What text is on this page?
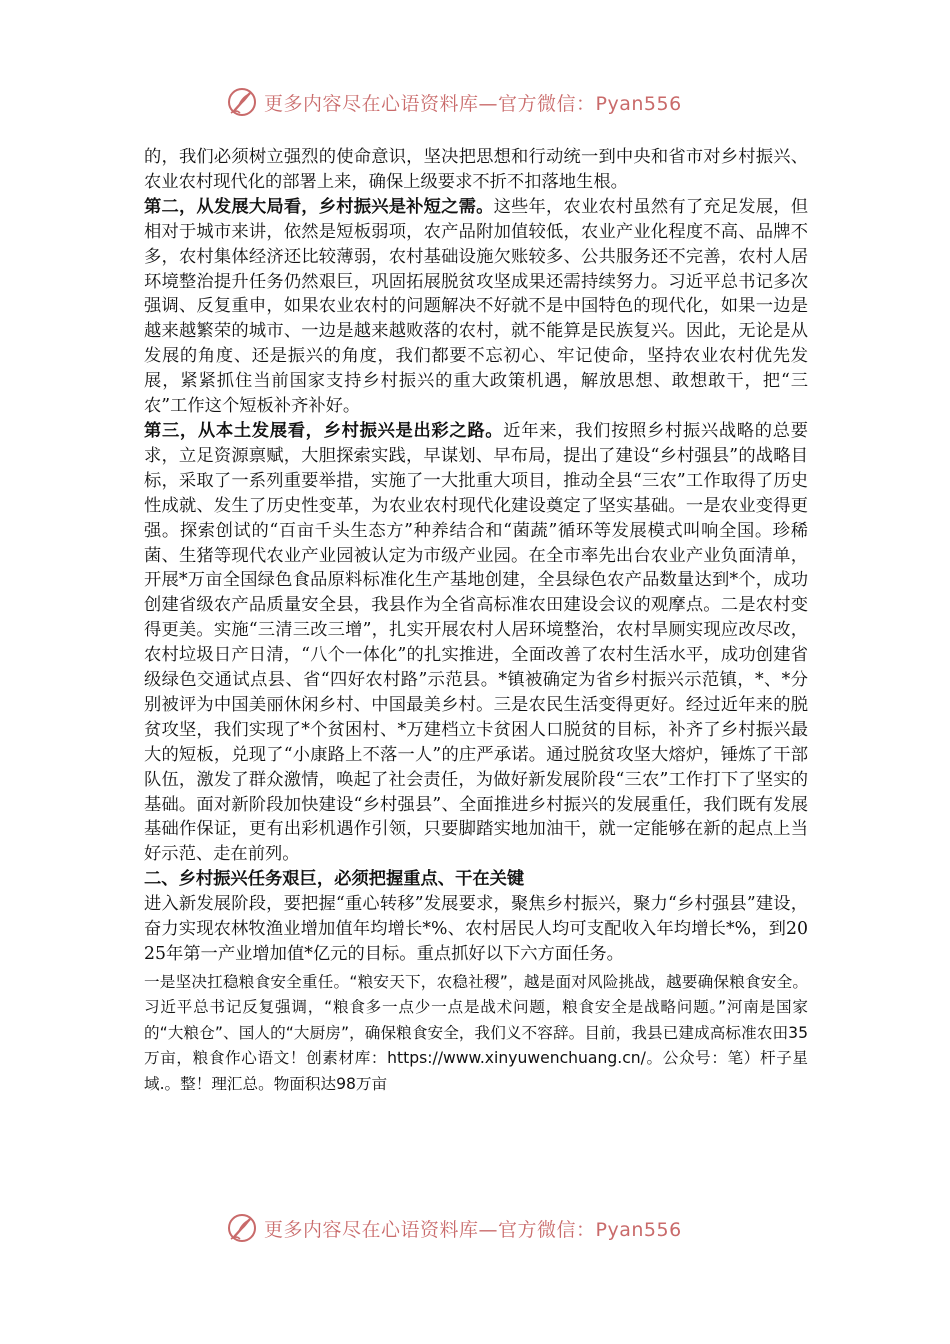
更多内容尽在心语资料库—官方微信：Pyan556

的，我们必须树立强烈的使命意识，坚决把思想和行动统一到中央和省市对乡村振兴、农业农村现代化的部署上来，确保上级要求不折不扣落地生根。

第二，从发展大局看，乡村振兴是补短之需。这些年，农业农村虽然有了充足发展，但相对于城市来讲，依然是短板弱项，农产品附加值较低，农业产业化程度不高、品牌不多，农村集体经济还比较薄弱，农村基础设施欠账较多、公共服务还不完善，农村人居环境整治提升任务仍然艰巨，巩固拓展脱贫攻坚成果还需持续努力。习近平总书记多次强调、反复重申，如果农业农村的问题解决不好就不是中国特色的现代化，如果一边是越来越繁荣的城市、一边是越来越败落的农村，就不能算是民族复兴。因此，无论是从发展的角度、还是振兴的角度，我们都要不忘初心、牢记使命，坚持农业农村优先发展，紧紧抓住当前国家支持乡村振兴的重大政策机遇，解放思想、敢想敢干，把“三农”工作这个短板补齐补好。

第三，从本土发展看，乡村振兴是出彩之路。近年来，我们按照乡村振兴战略的总要求，立足资源禀赋，大胆探索实践，早谋划、早布局，提出了建设“乡村强县”的战略目标，采取了一系列重要举措，实施了一大批重大项目，推动全县“三农”工作取得了历史性成就、发生了历史性变革，为农业农村现代化建设奠定了坚实基础。一是农业变得更强。探索创试的“百亩千头生态方”种养结合和“菌蔬”循环等发展模式叫响全国。珍稀菌、生猪等现代农业产业园被认定为市级产业园。在全市率先出台农业产业负面清单，开展*万亩全国绿色食品原料标准化生产基地创建，全县绿色农产品数量达到*个，成功创建省级农产品质量安全县，我县作为全省高标准农田建设会议的观摩点。二是农村变得更美。实施“三清三改三增”，扎实开展农村人居环境整治，农村旱厕实现应改尽改，农村垃圾日产日清，“八个一体化”的扎实推进，全面改善了农村生活水平，成功创建省级绿色交通试点县、省“四好农村路”示范县。*镇被确定为省乡村振兴示范镇，*、*分别被评为中国美丽休闲乡村、中国最美乡村。三是农民生活变得更好。经过近年来的脱贫攻坚，我们实现了*个贫困村、*万建档立卡贫困人口脱贫的目标，补齐了乡村振兴最大的短板，兑现了“小康路上不落一人”的庄严承诺。通过脱贫攻坚大熔炉，锤炼了干部队伍，激发了群众激情，唤起了社会责任，为做好新发展阶段“三农”工作打下了坚实的基础。面对新阶段加快建设“乡村强县”、全面推进乡村振兴的发展重任，我们既有发展基础作保证，更有出彩机遇作引领，只要脚踏实地加油干，就一定能够在新的起点上当好示范、走在前列。

二、乡村振兴任务艰巨，必须把握重点、干在关键

进入新发展阶段，要把握“重心转移”发展要求，聚焦乡村振兴，聚力“乡村强县”建设，奋力实现农林牧渔业增加值年均增长*%、农村居民人均可支配收入年均增长*%，到2025年第一产业增加值*亿元的目标。重点抓好以下六方面任务。

一是坚决扛稳粮食安全重任。“粮安天下，农稳社稷”，越是面对风险挑战，越要确保粮食安全。习近平总书记反复强调，“粮食多一点少一点是战术问题，粮食安全是战略问题。”河南是国家的“大粮仓”、国人的“大厨房”，确保粮食安全，我们义不容辞。目前，我县已建成高标准农田35万亩，粮食作心语文！创素材库：https://www.xinyuwenchuang.cn/。公众号：笔）杆子星域.。整！理汇总。物面积达98万亩

更多内容尽在心语资料库—官方微信：Pyan556
